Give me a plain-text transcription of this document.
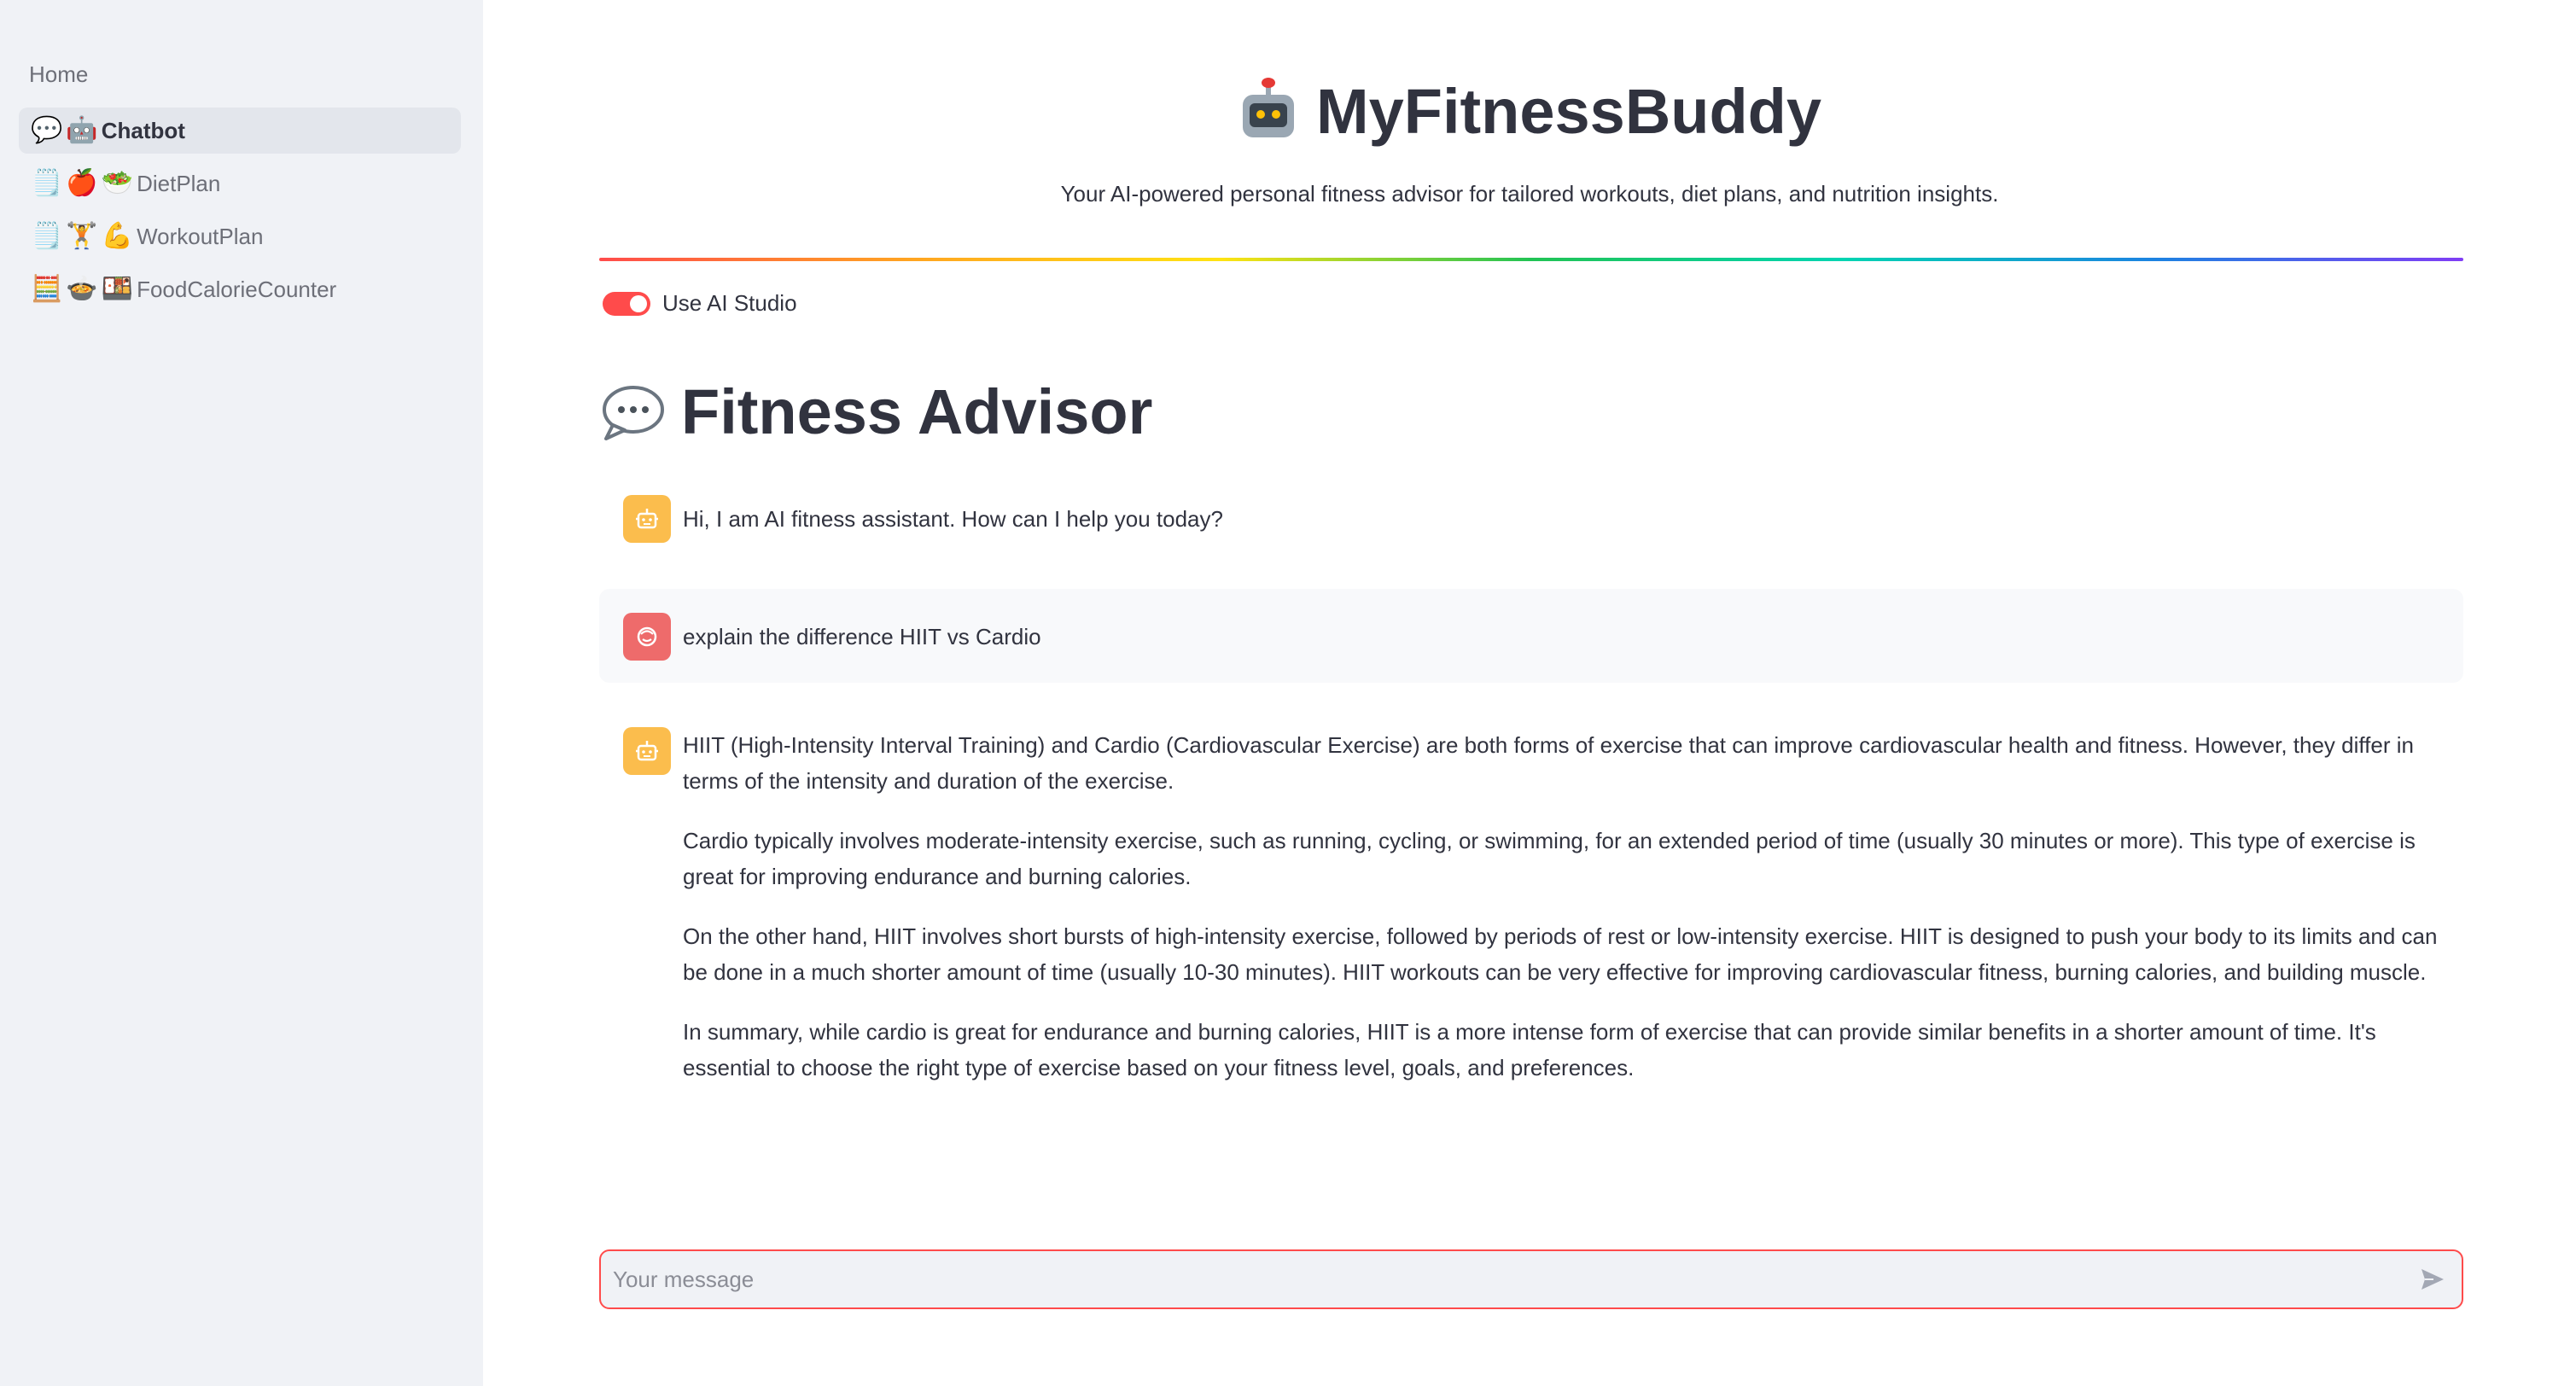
Home
💬 🤖 Chatbot
🗒️ 🍎 🥗 DietPlan
🗒️ 🏋️ 💪 WorkoutPlan
🧮 🍲 🍱 FoodCalorieCounter
MyFitnessBuddy
Your AI-powered personal fitness advisor for tailored workouts, diet plans, and nutrition insights.
Use AI Studio
Fitness Advisor

Hi, I am AI fitness assistant. How can I help you today?

explain the difference HIIT vs Cardio

HIIT (High-Intensity Interval Training) and Cardio (Cardiovascular Exercise) are both forms of exercise that can improve cardiovascular health and fitness. However, they differ in terms of the intensity and duration of the exercise.

Cardio typically involves moderate-intensity exercise, such as running, cycling, or swimming, for an extended period of time (usually 30 minutes or more). This type of exercise is great for improving endurance and burning calories.

On the other hand, HIIT involves short bursts of high-intensity exercise, followed by periods of rest or low-intensity exercise. HIIT is designed to push your body to its limits and can be done in a much shorter amount of time (usually 10-30 minutes). HIIT workouts can be very effective for improving cardiovascular fitness, burning calories, and building muscle.

In summary, while cardio is great for endurance and burning calories, HIIT is a more intense form of exercise that can provide similar benefits in a shorter amount of time. It's essential to choose the right type of exercise based on your fitness level, goals, and preferences.

Your message
